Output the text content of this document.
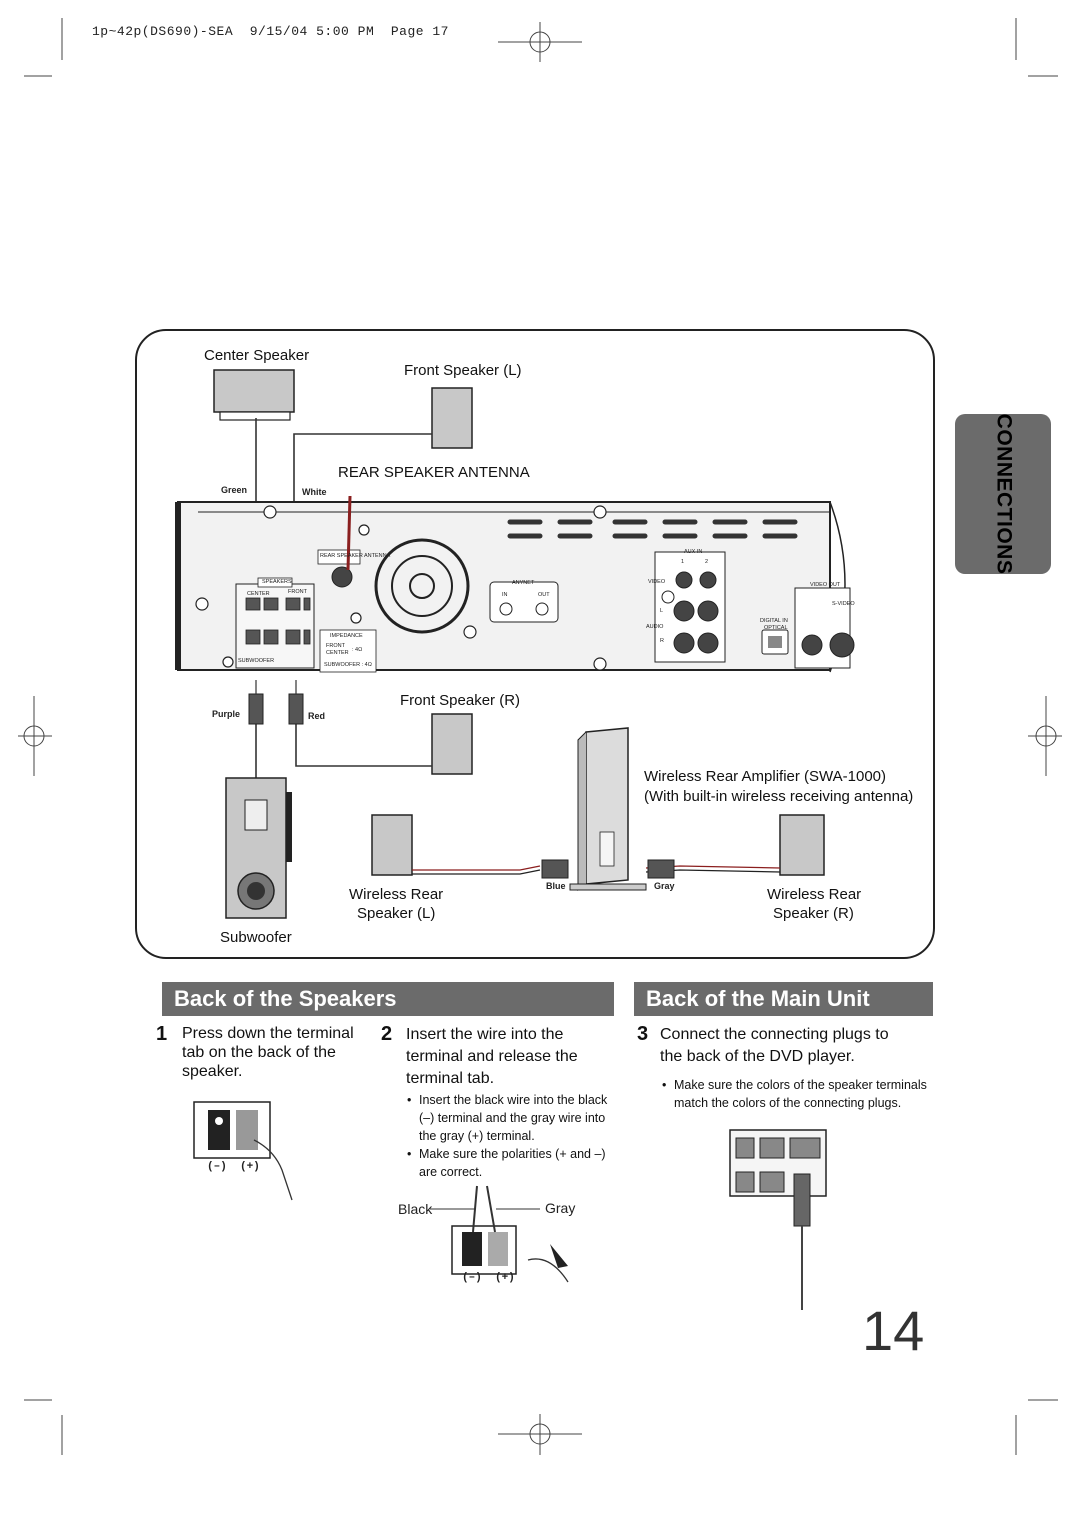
1p~42p(DS690)-SEA  9/15/04 5:00 PM  Page 17
CONNECTIONS
Center Speaker
Front Speaker (L)
REAR SPEAKER ANTENNA
Green	White
Purple	Red
Front Speaker (R)
Wireless Rear Amplifier (SWA-1000)
(With built-in wireless receiving antenna)
Wireless Rear
Speaker (L)
Wireless Rear
Speaker (R)
Blue	Gray
Subwoofer
SPEAKERS
CENTER	FRONT
SUBWOOFER
IMPEDANCE
FRONT
CENTER : 4Ω
SUBWOOFER : 4Ω
REAR SPEAKER ANTENNA
ANYNET
IN	OUT
AUX IN
1	2
VIDEO
AUDIO
L
R
DIGITAL IN
OPTICAL
VIDEO OUT
S-VIDEO
Back of the Speakers	Back of the Main Unit
1 Press down the terminal
tab on the back of the
speaker.
2 Insert the wire into the
terminal and release the
terminal tab.
• Insert the black wire into the black
(–) terminal and the gray wire into
the gray (+) terminal.
• Make sure the polarities (+ and –)
are correct.
3 Connect the connecting plugs to
the back of the DVD player.
• Make sure the colors of the speaker terminals
match the colors of the connecting plugs.
(–)  (+)
(–)  (+)
Black	Gray
14
